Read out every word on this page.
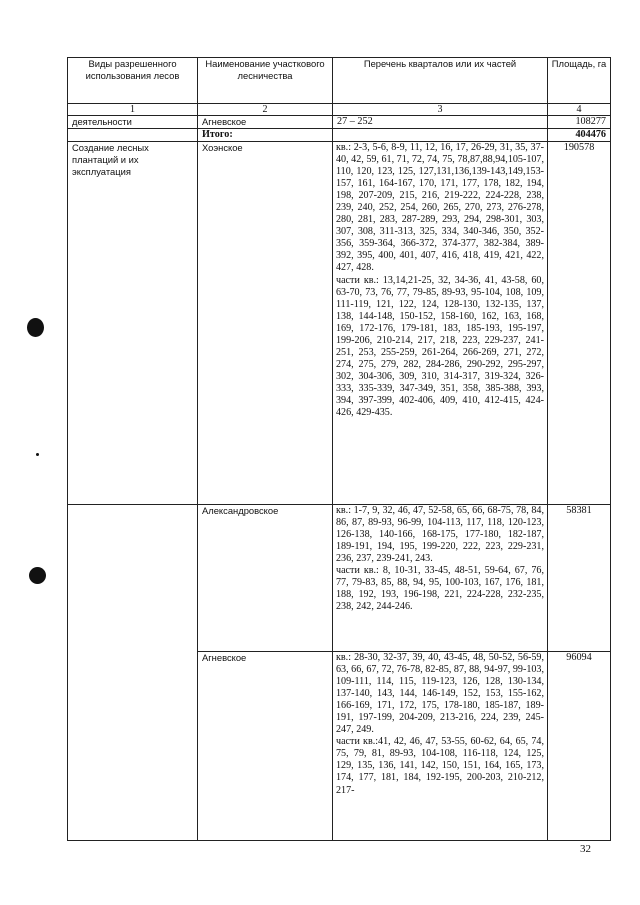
Виды разрешенного использования лесов	Наименование участкового лесничества	Перечень кварталов или их частей	Площадь, га
1	2	3	4
деятельности	Агневское	27 – 252	108277
	Итого:		404476
Создание лесных плантаций и их эксплуатация	Хоэнское	кв.: 2-3, 5-6, 8-9, 11, 12, 16, 17, 26-29, 31, 35, 37-40, 42, 59, 61, 71, 72, 74, 75, 78,87,88,94,105-107, 110, 120, 123, 125, 127,131,136,139-143,149,153-157, 161, 164-167, 170, 171, 177, 178, 182, 194, 198, 207-209, 215, 216, 219-222, 224-228, 238, 239, 240, 252, 254, 260, 265, 270, 273, 276-278, 280, 281, 283, 287-289, 293, 294, 298-301, 303, 307, 308, 311-313, 325, 334, 340-346, 350, 352-356, 359-364, 366-372, 374-377, 382-384, 389-392, 395, 400, 401, 407, 416, 418, 419, 421, 422, 427, 428.
части кв.: 13,14,21-25, 32, 34-36, 41, 43-58, 60, 63-70, 73, 76, 77, 79-85, 89-93, 95-104, 108, 109, 111-119, 121, 122, 124, 128-130, 132-135, 137, 138, 144-148, 150-152, 158-160, 162, 163, 168, 169, 172-176, 179-181, 183, 185-193, 195-197, 199-206, 210-214, 217, 218, 223, 229-237, 241-251, 253, 255-259, 261-264, 266-269, 271, 272, 274, 275, 279, 282, 284-286, 290-292, 295-297, 302, 304-306, 309, 310, 314-317, 319-324, 326-333, 335-339, 347-349, 351, 358, 385-388, 393, 394, 397-399, 402-406, 409, 410, 412-415, 424-426, 429-435.	190578
	Александровское	кв.: 1-7, 9, 32, 46, 47, 52-58, 65, 66, 68-75, 78, 84, 86, 87, 89-93, 96-99, 104-113, 117, 118, 120-123, 126-138, 140-166, 168-175, 177-180, 182-187, 189-191, 194, 195, 199-220, 222, 223, 229-231, 236, 237, 239-241, 243.
части кв.: 8, 10-31, 33-45, 48-51, 59-64, 67, 76, 77, 79-83, 85, 88, 94, 95, 100-103, 167, 176, 181, 188, 192, 193, 196-198, 221, 224-228, 232-235, 238, 242, 244-246.	58381
	Агневское	кв.: 28-30, 32-37, 39, 40, 43-45, 48, 50-52, 56-59, 63, 66, 67, 72, 76-78, 82-85, 87, 88, 94-97, 99-103, 109-111, 114, 115, 119-123, 126, 128, 130-134, 137-140, 143, 144, 146-149, 152, 153, 155-162, 166-169, 171, 172, 175, 178-180, 185-187, 189-191, 197-199, 204-209, 213-216, 224, 239, 245-247, 249.
части кв.:41, 42, 46, 47, 53-55, 60-62, 64, 65, 74, 75, 79, 81, 89-93, 104-108, 116-118, 124, 125, 129, 135, 136, 141, 142, 150, 151, 164, 165, 173, 174, 177, 181, 184, 192-195, 200-203, 210-212, 217-	96094
32
